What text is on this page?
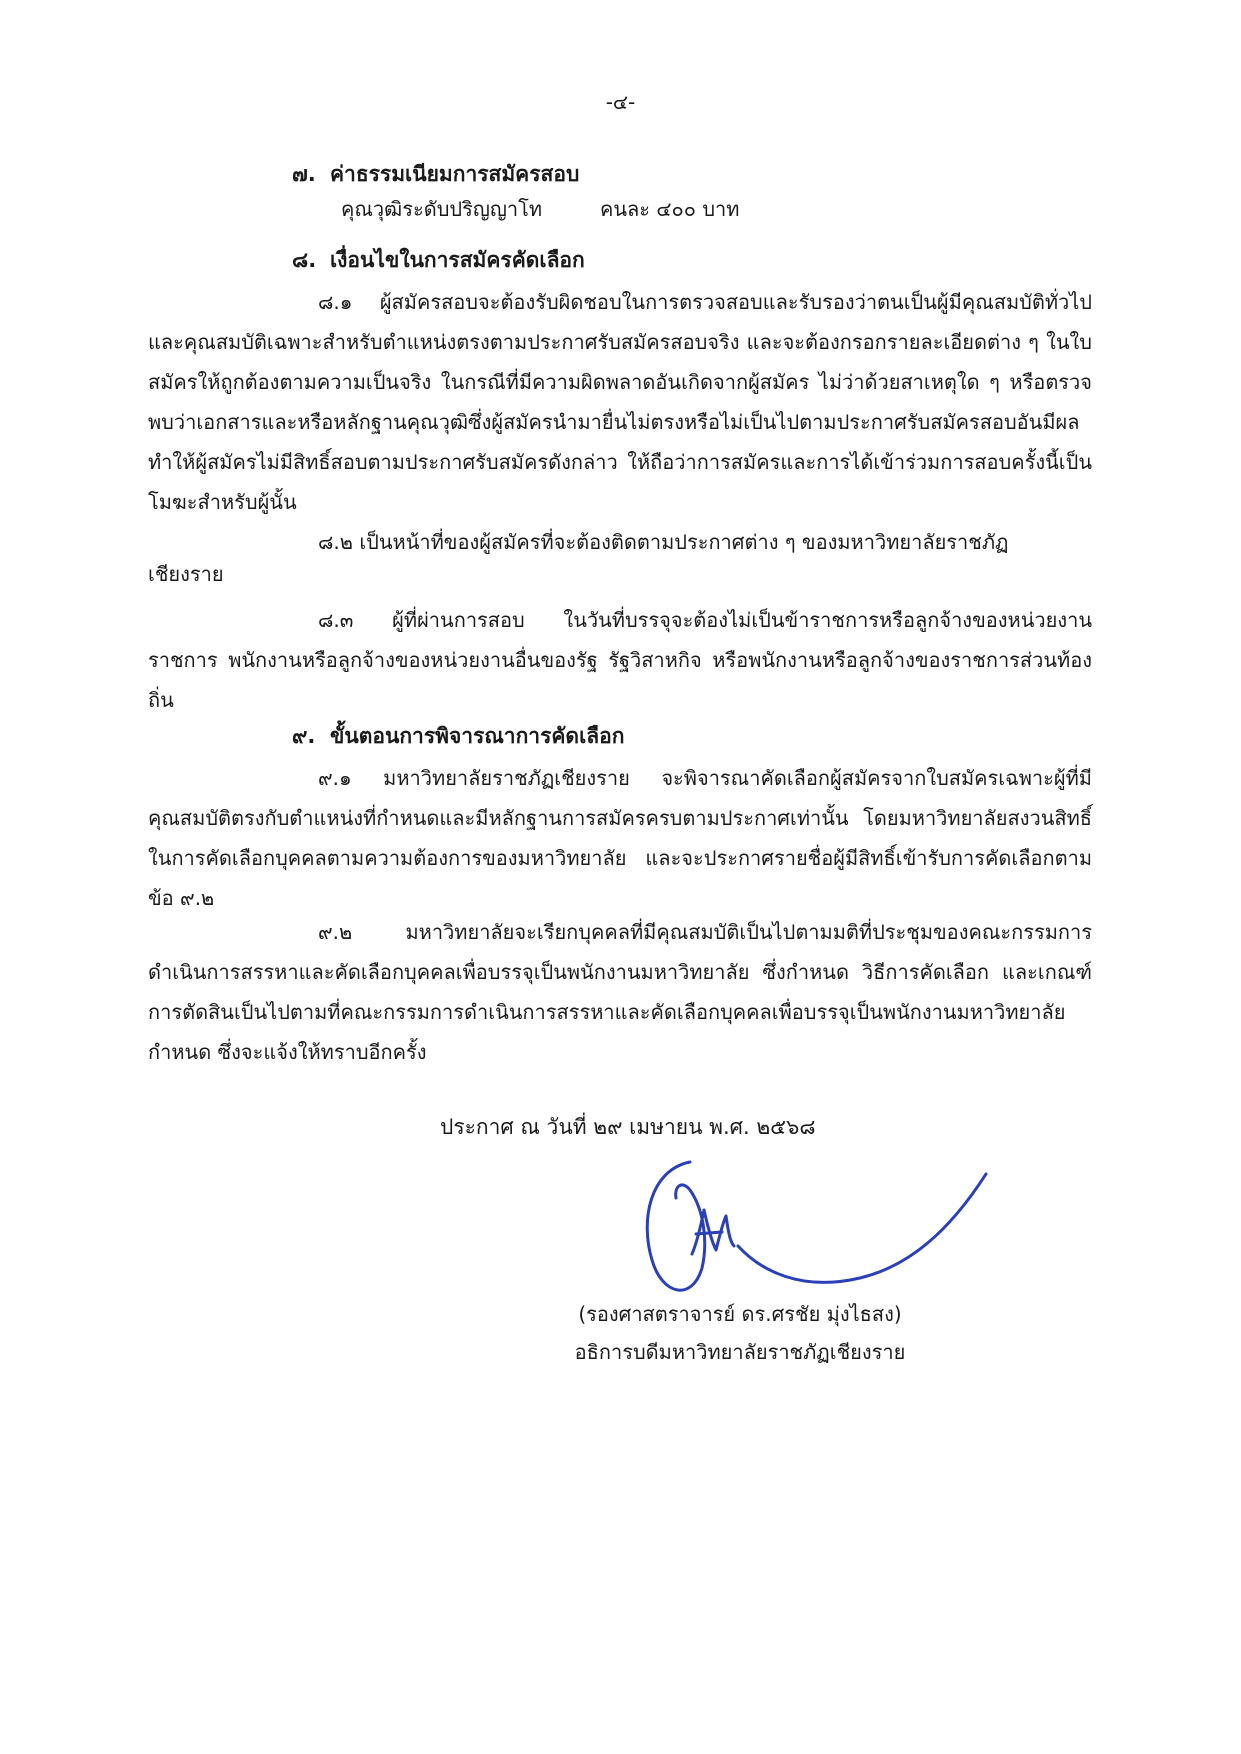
-๔-
๗. ค่าธรรมเนียมการสมัครสอบ
คุณวุฒิระดับปริญญาโท	คนละ ๔๐๐ บาท
๘. เงื่อนไขในการสมัครคัดเลือก

๘.๑ ผู้สมัครสอบจะต้องรับผิดชอบในการตรวจสอบและรับรองว่าตนเป็นผู้มีคุณสมบัติทั่วไป และคุณสมบัติเฉพาะสำหรับตำแหน่งตรงตามประกาศรับสมัครสอบจริง และจะต้องกรอกรายละเอียดต่าง ๆ ในใบสมัครให้ถูกต้องตามความเป็นจริง ในกรณีที่มีความผิดพลาดอันเกิดจากผู้สมัคร ไม่ว่าด้วยสาเหตุใด ๆ หรือตรวจพบว่าเอกสารและหรือหลักฐานคุณวุฒิซึ่งผู้สมัครนำมายื่นไม่ตรงหรือไม่เป็นไปตามประกาศรับสมัครสอบอันมีผลทำให้ผู้สมัครไม่มีสิทธิ์สอบตามประกาศรับสมัครดังกล่าว ให้ถือว่าการสมัครและการได้เข้าร่วมการสอบครั้งนี้เป็นโมฆะสำหรับผู้นั้น

๘.๒ เป็นหน้าที่ของผู้สมัครที่จะต้องติดตามประกาศต่าง ๆ ของมหาวิทยาลัยราชภัฏ

เชียงราย

๘.๓ ผู้ที่ผ่านการสอบ ในวันที่บรรจุจะต้องไม่เป็นข้าราชการหรือลูกจ้างของหน่วยงานราชการ พนักงานหรือลูกจ้างของหน่วยงานอื่นของรัฐ รัฐวิสาหกิจ หรือพนักงานหรือลูกจ้างของราชการส่วนท้องถิ่น

๙. ขั้นตอนการพิจารณาการคัดเลือก

๙.๑ มหาวิทยาลัยราชภัฏเชียงราย จะพิจารณาคัดเลือกผู้สมัครจากใบสมัครเฉพาะผู้ที่มีคุณสมบัติตรงกับตำแหน่งที่กำหนดและมีหลักฐานการสมัครครบตามประกาศเท่านั้น โดยมหาวิทยาลัยสงวนสิทธิ์ในการคัดเลือกบุคคลตามความต้องการของมหาวิทยาลัย และจะประกาศรายชื่อผู้มีสิทธิ์เข้ารับการคัดเลือกตามข้อ ๙.๒

๙.๒ มหาวิทยาลัยจะเรียกบุคคลที่มีคุณสมบัติเป็นไปตามมติที่ประชุมของคณะกรรมการดำเนินการสรรหาและคัดเลือกบุคคลเพื่อบรรจุเป็นพนักงานมหาวิทยาลัย ซึ่งกำหนด วิธีการคัดเลือก และเกณฑ์การตัดสินเป็นไปตามที่คณะกรรมการดำเนินการสรรหาและคัดเลือกบุคคลเพื่อบรรจุเป็นพนักงานมหาวิทยาลัยกำหนด ซึ่งจะแจ้งให้ทราบอีกครั้ง

ประกาศ ณ วันที่ ๒๙ เมษายน พ.ศ. ๒๕๖๘
(รองศาสตราจารย์ ดร.ศรชัย มุ่งไธสง)
อธิการบดีมหาวิทยาลัยราชภัฏเชียงราย
